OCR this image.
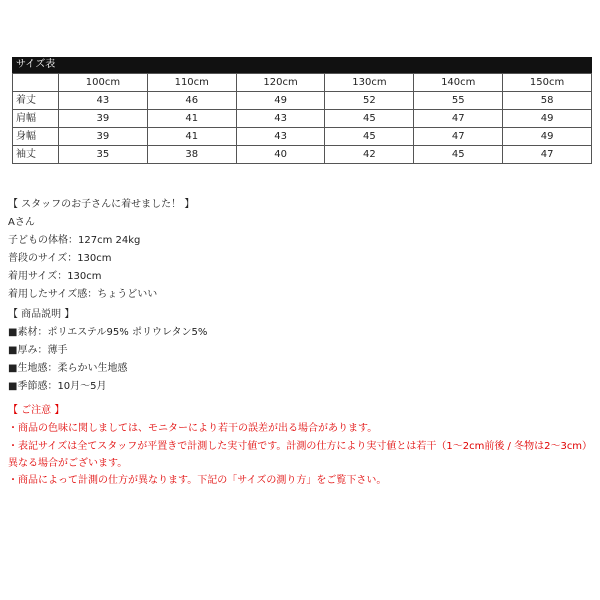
サイズ表
	100cm	110cm	120cm	130cm	140cm	150cm
着丈	43	46	49	52	55	58
肩幅	39	41	43	45	47	49
身幅	39	41	43	45	47	49
袖丈	35	38	40	42	45	47
【 スタッフのお子さんに着せました！ 】
Aさん
子どもの体格：127cm 24kg
普段のサイズ：130cm
着用サイズ：130cm
着用したサイズ感：ちょうどいい
【 商品説明 】
■素材：ポリエステル95% ポリウレタン5%
■厚み：薄手
■生地感：柔らかい生地感
■季節感：10月～5月
【 ご注意 】
・商品の色味に関しましては、モニターにより若干の誤差が出る場合があります。
・表記サイズは全てスタッフが平置きで計測した実寸値です。計測の仕方により実寸値とは若干（1～2cm前後 / 冬物は2～3cm）異なる場合がございます。
・商品によって計測の仕方が異なります。下記の「サイズの測り方」をご覧下さい。
